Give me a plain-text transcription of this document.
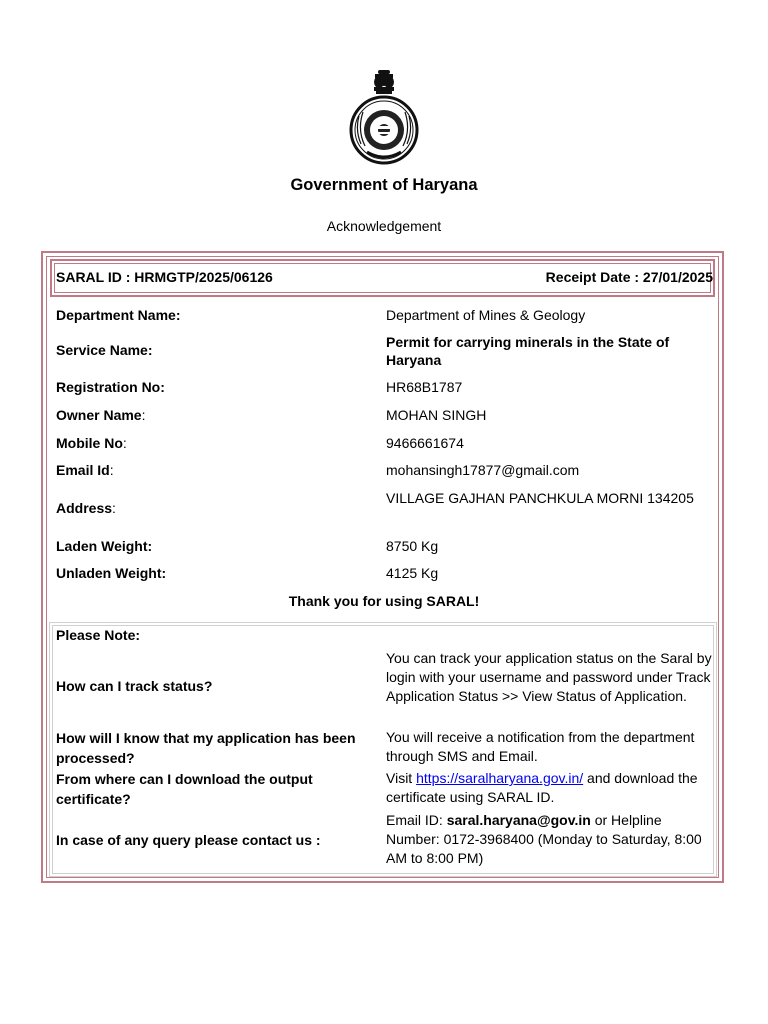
Government of Haryana
Acknowledgement
SARAL ID : HRMGTP/2025/06126	Receipt Date : 27/01/2025
Department Name:	Department of Mines & Geology
Service Name:	Permit for carrying minerals in the State of Haryana
Registration No:	HR68B1787
Owner Name:	MOHAN SINGH
Mobile No:	9466661674
Email Id:	mohansingh17877@gmail.com
Address:
VILLAGE GAJHAN PANCHKULA MORNI 134205
Laden Weight:	8750 Kg
Unladen Weight:	4125 Kg
Thank you for using SARAL!
Please Note:
How can I track status?
You can track your application status on the Saral by login with your username and password under Track Application Status >> View Status of Application.
How will I know that my application has been processed?
You will receive a notification from the department through SMS and Email.
From where can I download the output certificate?
Visit https://saralharyana.gov.in/ and download the certificate using SARAL ID.
In case of any query please contact us :
Email ID: saral.haryana@gov.in or Helpline Number: 0172-3968400 (Monday to Saturday, 8:00 AM to 8:00 PM)
